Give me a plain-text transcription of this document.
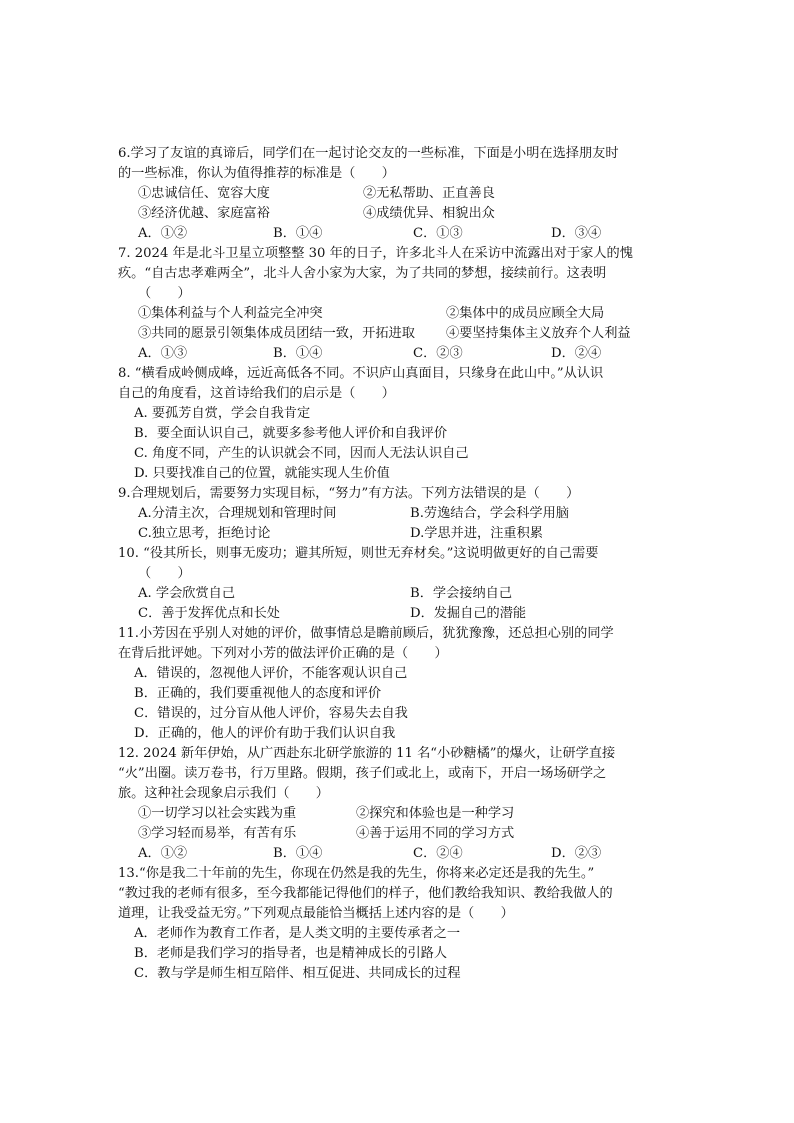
6.学习了友谊的真谛后，同学们在一起讨论交友的一些标准，下面是小明在选择朋友时
的一些标准，你认为值得推荐的标准是（　　）
①忠诚信任、宽容大度	②无私帮助、正直善良
③经济优越、家庭富裕	④成绩优异、相貌出众
A．①②	B．①④	C．①③	D．③④
7. 2024 年是北斗卫星立项整整 30 年的日子，许多北斗人在采访中流露出对于家人的愧
疚。“自古忠孝难两全”，北斗人舍小家为大家，为了共同的梦想，接续前行。这表明
（　　）
①集体利益与个人利益完全冲突	②集体中的成员应顾全大局
③共同的愿景引领集体成员团结一致，开拓进取 ④要坚持集体主义放弃个人利益
A．①③	B．①④	C．②③	D．②④
8. “横看成岭侧成峰，远近高低各不同。不识庐山真面目，只缘身在此山中。”从认识
自己的角度看，这首诗给我们的启示是（　　）
A. 要孤芳自赏，学会自我肯定
B．要全面认识自己，就要多参考他人评价和自我评价
C. 角度不同，产生的认识就会不同，因而人无法认识自己
D. 只要找准自己的位置，就能实现人生价值
9.合理规划后，需要努力实现目标，“努力”有方法。下列方法错误的是（　　）
A.分清主次，合理规划和管理时间	B.劳逸结合，学会科学用脑
C.独立思考，拒绝讨论	D.学思并进，注重积累
10. “役其所长，则事无废功；避其所短，则世无弃材矣。”这说明做更好的自己需要
（　　）
A. 学会欣赏自己	B．学会接纳自己
C．善于发挥优点和长处	D．发掘自己的潜能
11.小芳因在乎别人对她的评价，做事情总是瞻前顾后，犹犹豫豫，还总担心别的同学
在背后批评她。下列对小芳的做法评价正确的是（　　）
A．错误的，忽视他人评价，不能客观认识自己
B．正确的，我们要重视他人的态度和评价
C．错误的，过分盲从他人评价，容易失去自我
D．正确的，他人的评价有助于我们认识自我
12. 2024 新年伊始，从广西赴东北研学旅游的 11 名“小砂糖橘”的爆火，让研学直接
“火”出圈。读万卷书，行万里路。假期，孩子们或北上，或南下，开启一场场研学之
旅。这种社会现象启示我们（　　）
①一切学习以社会实践为重	②探究和体验也是一种学习
③学习轻而易举，有苦有乐	④善于运用不同的学习方式
A．①②	B．①④	C．②④	D．②③
13.“你是我二十年前的先生，你现在仍然是我的先生，你将来必定还是我的先生。”
“教过我的老师有很多，至今我都能记得他们的样子，他们教给我知识、教给我做人的
道理，让我受益无穷。”下列观点最能恰当概括上述内容的是（　　）
A．老师作为教育工作者，是人类文明的主要传承者之一
B．老师是我们学习的指导者，也是精神成长的引路人
C．教与学是师生相互陪伴、相互促进、共同成长的过程
